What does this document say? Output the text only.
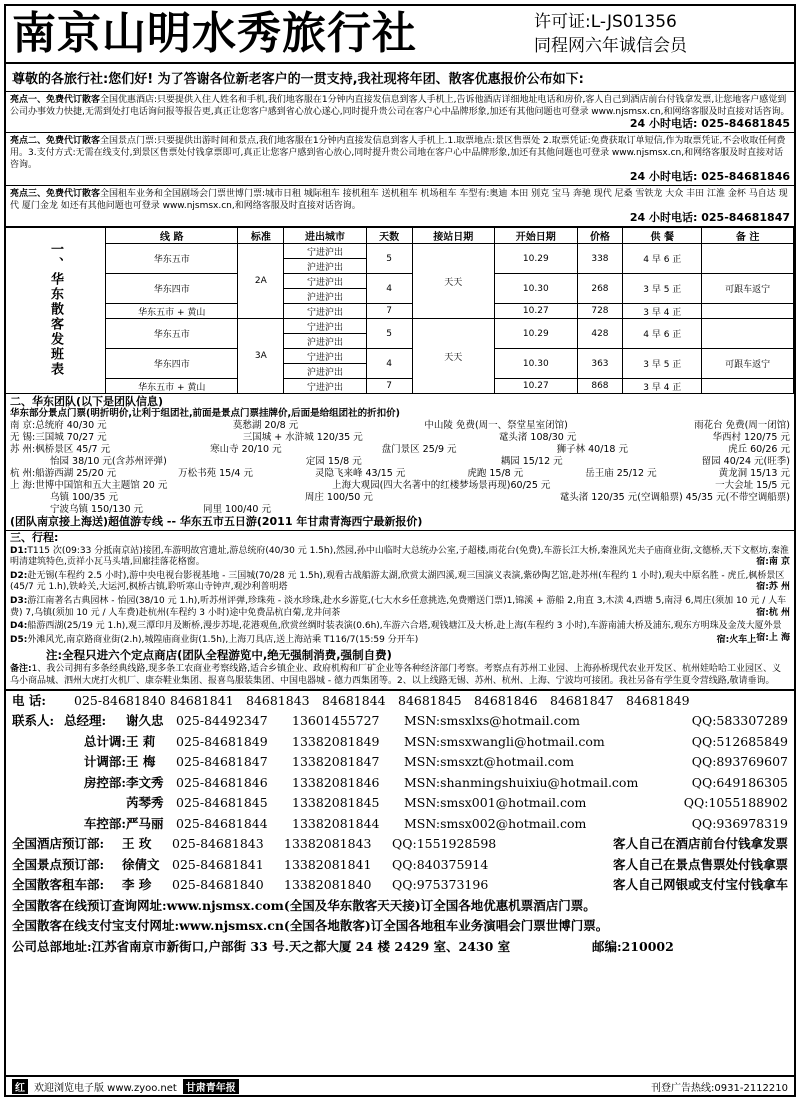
南京山明水秀旅行社	许可证:L-JS01356
同程网六年诚信会员
尊敬的各旅行社:您们好! 为了答谢各位新老客户的一贯支持,我社现将年团、散客优惠报价公布如下:
亮点一、免费代订散客全国优惠酒店:只要提供入住人姓名和手机,我们地客服在1分钟内直接发信息到客人手机上,告诉他酒店详细地址电话和房价,客人自己到酒店前台付钱拿发票,让您地客户感觉到公司办事效力快捷,无需到处打电话询问报等报告更,真正让您客户感到省心放心遂心,同时提升贵公司在客户心中品牌形象,加还有其他问题也可登录 www.njsmsx.cn,和网络客服及时直接对话咨询。
24 小时电话: 025-84681845
亮点二、免费代订散客全国景点门票:只要提供出游时间和景点,我们地客服在1分钟内直接发信息到客人手机上.1.取票地点:景区售票处 2.取票凭证:免费获取订单短信,作为取票凭证,不会收取任何费用。3.支付方式:无需在线支付,到景区售票处付钱拿票即可,真正让您客户感到省心放心,同时提升贵公司地在客户心中品牌形象,加还有其他问题也可登录 www.njsmsx.cn,和网络客服及时直接对话咨询。
24 小时电话: 025-84681846
亮点三、免费代订散客全国租车业务和全国剧场会门票世博门票:城市日租 城际租车 接机租车 送机租车 机场租车 车型有:奥迪 本田 别克 宝马 奔驰 现代 尼桑 雪铁龙 大众 丰田 江淮 金杯 马自达 现代 厦门金龙 如还有其他问题也可登录 www.njsmsx.cn,和网络客服及时直接对话咨询。
24 小时电话: 025-84681847
一、华东散客发班表	线 路	标准	进出城市	天数	接站日期	开始日期	价格	供 餐	备 注
	华东五市	2A	宁进沪出	5	天天	10.29	338	4 早 6 正	
			沪进沪出						
	华东四市		宁进沪出	4		10.30	268	3 早 5 正	可跟车返宁
			沪进沪出						
	华东五市 + 黄山		宁进沪出	7		10.27	728	3 早 4 正	

	华东五市	3A	宁进沪出	5	天天	10.29	428	4 早 6 正	
			沪进沪出						
	华东四市		宁进沪出	4		10.30	363	3 早 5 正	可跟车返宁
			沪进沪出						
	华东五市 + 黄山		宁进沪出	7		10.27	868	3 早 4 正	

二、华东团队(以下是团队信息)
华东部分景点门票(明折明价,让利于组团社,前面是景点门票挂牌价,后面是给组团社的折扣价)
南 京:总统府 40/30 元	莫愁湖 20/8 元	中山陵 免费(周一、祭堂星室闭馆)	雨花台 免费(周一闭馆)
无 锡:三国城 70/27 元	三国城 + 水浒城 120/35 元	鼋头渚 108/30 元	华西村 120/75 元
苏 州:枫桥景区 45/7 元	寒山寺 20/10 元	盘门景区 25/9 元	狮子林 40/18 元	虎丘 60/26 元
怡园 38/10 元(含苏州评弹)	定园 15/8 元	耦园 15/12 元	留园 40/24 元(旺季)
杭 州:船游西湖 25/20 元	万松书苑 15/4 元	灵隐飞来峰 43/15 元	虎跑 15/8 元	岳王庙 25/12 元	黄龙洞 15/13 元
上 海:世博中国馆和五大主题馆 20 元	上海大观园(四大名著中的红楼梦场景再现)60/25 元	一大会址 15/5 元
乌镇 100/35 元	周庄 100/50 元	鼋头渚 120/35 元(空调船票) 45/35 元(不带空调船票)
宁波乌镇 150/130 元	同里 100/40 元
(团队南京接上海送)超值游专线 -- 华东五市五日游(2011 年甘肃青海西宁最新报价)
三、行程:
D1:T115 次(09:33 分抵南京站)接团,车游明故宫遗址,游总统府(40/30 元 1.5h),然园,孙中山临时大总统办公室,子超楼,雨花台(免费),车游长江大桥,秦淮风光夫子庙商业街,文德桥,天下文枢坊,秦淮明清建筑特色,贡祥小瓦马头墙,回廊挂落花格窗。	宿:南 京
D2:赴无锡(车程约 2.5 小时),游中央电视台影视基地 - 三国城(70/28 元 1.5h),观看古战船游太湖,欣赏太湖四溪,观三国演义表演,紫砂陶艺馆,赴苏州(车程约 1 小时),观夫中原名胜 - 虎丘,枫桥景区(45/7 元 1.h),铁岭关,大运河,枫桥古镇,聆听寒山寺钟声,观沙利普明塔	宿:苏 州
D3:游江南著名古典园林 - 怡园(38/10 元 1.h),听苏州评弹,珍珠苑 - 淡水珍珠,赴水乡游览,(七大水乡任意挑选,免费赠送门票)1,锦溪 + 游船 2,甪直 3,木渎 4,西塘 5,南浔 6,周庄(须加 10 元 / 人车费) 7,乌镇(须加 10 元 / 人车费)赴杭州(车程约 3 小时)途中免费品杭白菊,龙井问茶	宿:杭 州
D4:船游西湖(25/19 元 1.h),观三潭印月及断桥,漫步苏堤,花港观鱼,欣赏丝绸时装表演(0.6h),车游六合塔,观钱塘江及大桥,赴上海(车程约 3 小时),车游南浦大桥及浦东,观东方明珠及金茂大厦外景
宿:上 海
D5:外滩风光,南京路商业街(2.h),城隍庙商业街(1.5h),上海刀具店,送上海站乘 T116/7(15:59 分开车)	宿:火车上
注:全程只进六个定点商店(团队全程游览中,绝无强制消费,强制自费)
备注:1、我公司拥有多条经典线路,现多条工农商业考察线路,适合乡镇企业、政府机构和厂矿企业等各种经济部门考察。考察点有苏州工业园、上海孙桥现代农业开发区、杭州娃哈哈工业园区、义乌小商品城、泗州大虎打火机厂、康奈鞋业集团、报喜鸟服装集团、中国电器城 - 德力西集团等。2、以上线路无锡、苏州、杭州、上海、宁波均可接团。我社另备有学生夏令营线路,敬请垂询。
电 话:	025-84681840 84681841 84681843 84681844 84681845 84681846 84681847 84681849
联系人: 总经理:	谢久忠 025-84492347	13601455727	MSN:smsxlxs@hotmail.com	QQ:583307289
总计调: 王 莉	025-84681849	13382081849	MSN:smsxwangli@hotmail.com	QQ:512685849
计调部: 王 梅	025-84681847	13382081847	MSN:smsxzt@hotmail.com	QQ:893769607
房控部: 李文秀 025-84681846	13382081846	MSN:shanmingshuixiu@hotmail.com	QQ:649186305
芮琴秀 025-84681845	13382081845	MSN:smsx001@hotmail.com	QQ:1055188902
车控部: 严马丽 025-84681844	13382081844	MSN:smsx002@hotmail.com	QQ:936978319
全国酒店预订部:	王 玫	025-84681843	13382081843	QQ:1551928598	客人自己在酒店前台付钱拿发票
全国景点预订部:	徐倩文 025-84681841	13382081841	QQ:840375914	客人自己在景点售票处付钱拿票
全国散客租车部:	李 珍	025-84681840	13382081840	QQ:975373196	客人自己网银或支付宝付钱拿车
全国散客在线预订查询网址:www.njsmsx.com(全国及华东散客天天接)订全国各地优惠机票酒店门票。
全国散客在线支付宝支付网址:www.njsmsx.cn(全国各地散客)订全国各地租车业务演唱会门票世博门票。
公司总部地址:江苏省南京市新街口,户部街 33 号.天之都大厦 24 楼 2429 室、2430 室	邮编:210002
红 欢迎浏览电子版 www.zyoo.net 甘肃青年报	刊登广告热线:0931-2112210
